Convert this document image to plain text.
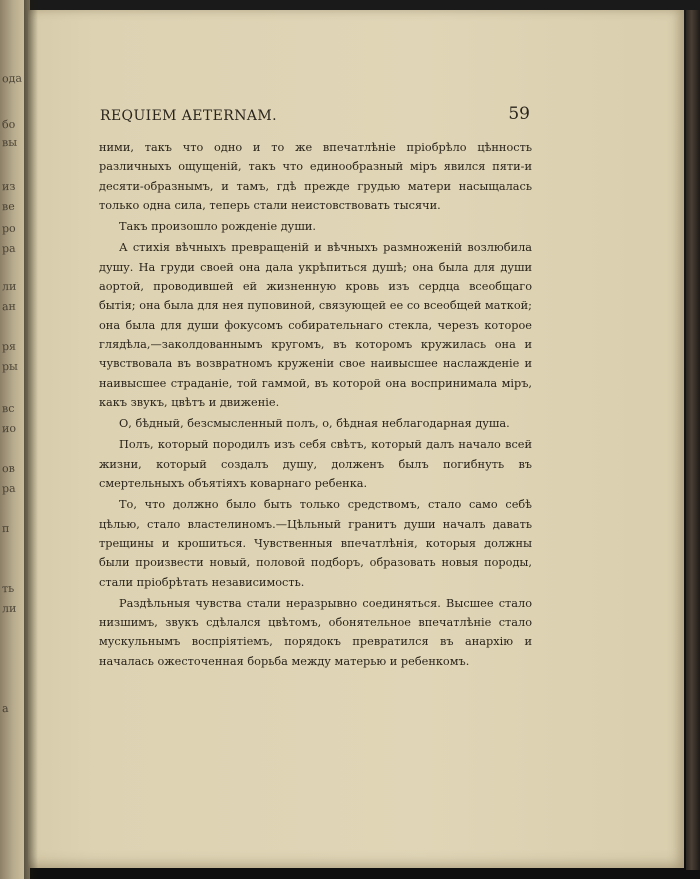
ода
бо
вы
из
ве
ро
ра
ли
ан
ря
ры
вс
ио
ов
ра
п
ть
ли
а
REQUIEM AETERNAM.	59

ними, такъ что одно и то же впечатлѣніе пріобрѣло цѣнность различныхъ ощущеній, такъ что единообразный міръ явился пяти-и десяти-образнымъ, и тамъ, гдѣ прежде грудью матери насыщалась только одна сила, теперь стали неистовствовать тысячи.

Такъ произошло рожденіе души.

А стихія вѣчныхъ превращеній и вѣчныхъ размноженій возлюбила душу. На груди своей она дала укрѣпиться душѣ; она была для души аортой, проводившей ей жизненную кровь изъ сердца всеобщаго бытія; она была для нея пуповиной, связующей ее со всеобщей маткой; она была для души фокусомъ собирательнаго стекла, черезъ которое глядѣла,—заколдованнымъ кругомъ, въ которомъ кружилась она и чувствовала въ возвратномъ круженіи свое наивысшее наслажденіе и наивысшее страданіе, той гаммой, въ которой она воспринимала міръ, какъ звукъ, цвѣтъ и движеніе.

О, бѣдный, безсмысленный полъ, о, бѣдная неблагодарная душа.

Полъ, который породилъ изъ себя свѣтъ, который далъ начало всей жизни, который создалъ душу, долженъ былъ погибнуть въ смертельныхъ объятіяхъ коварнаго ребенка.

То, что должно было быть только средствомъ, стало само себѣ цѣлью, стало властелиномъ.—Цѣльный гранитъ души началъ давать трещины и крошиться. Чувственныя впечатлѣнія, которыя должны были произвести новый, половой подборъ, образовать новыя породы, стали пріобрѣтать независимость.

Раздѣльныя чувства стали неразрывно соединяться. Высшее стало низшимъ, звукъ сдѣлался цвѣтомъ, обонятельное впечатлѣніе стало мускульнымъ воспріятіемъ, порядокъ превратился въ анархію и началась ожесточенная борьба между матерью и ребенкомъ.
